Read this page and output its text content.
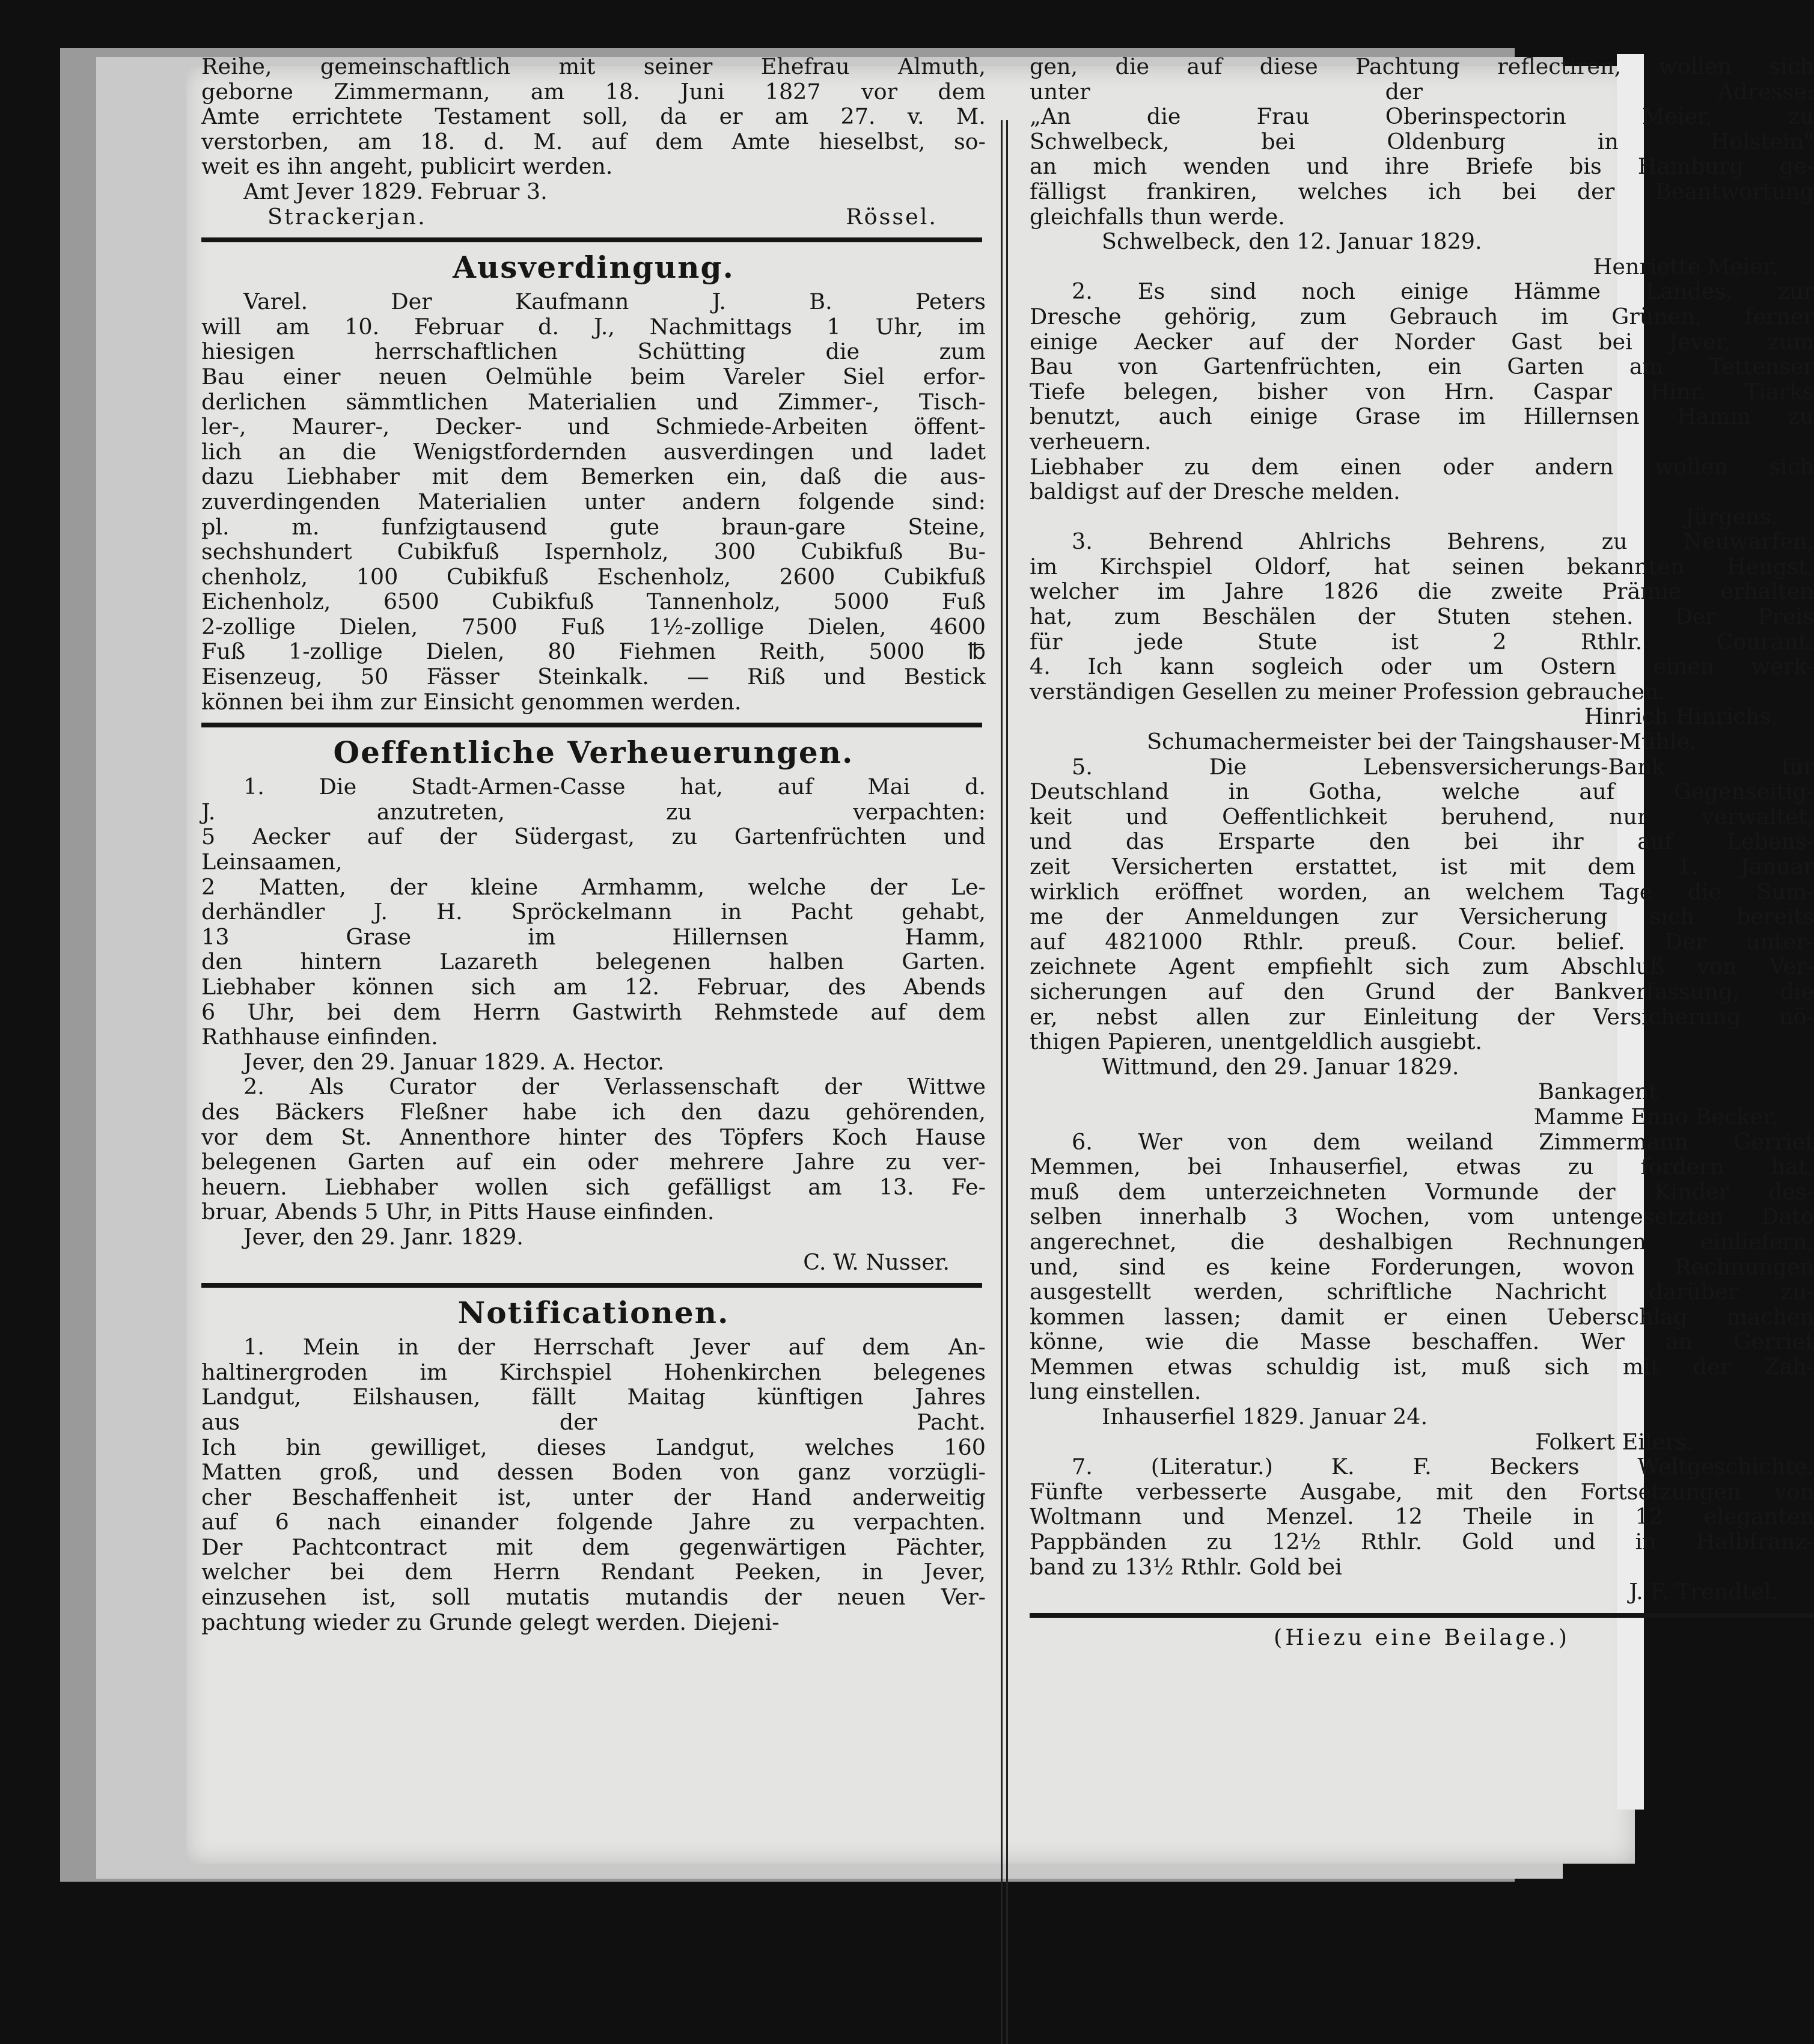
Reihe, gemeinschaftlich mit seiner Ehefrau Almuth,
geborne Zimmermann, am 18. Juni 1827 vor dem
Amte errichtete Testament soll, da er am 27. v. M.
verstorben, am 18. d. M. auf dem Amte hieselbst, so-
weit es ihn angeht, publicirt werden.
Amt Jever 1829. Februar 3.
Strackerjan.	Rössel.
Ausverdingung.
Varel.	Der	Kaufmann	J.	B.	Peters
will am 10. Februar d. J., Nachmittags 1 Uhr, im
hiesigen	herrschaftlichen	Schütting	die	zum
Bau einer neuen Oelmühle beim Vareler Siel erfor-
derlichen sämmtlichen Materialien und Zimmer-, Tisch-
ler-, Maurer-, Decker- und Schmiede-Arbeiten öffent-
lich an die Wenigstfordernden ausverdingen und ladet
dazu Liebhaber mit dem Bemerken ein, daß die aus-
zuverdingenden Materialien unter andern folgende sind:
pl.	m.	funfzigtausend	gute	braun-gare	Steine,
sechshundert Cubikfuß Ispernholz, 300 Cubikfuß Bu-
chenholz, 100 Cubikfuß Eschenholz, 2600 Cubikfuß
Eichenholz, 6500 Cubikfuß Tannenholz, 5000 Fuß
2-zollige Dielen, 7500 Fuß 1½-zollige Dielen, 4600
Fuß 1-zollige Dielen, 80 Fiehmen Reith, 5000 ℔
Eisenzeug, 50 Fässer Steinkalk. — Riß und Bestick
können bei ihm zur Einsicht genommen werden.
Oeffentliche Verheuerungen.
1. Die Stadt-Armen-Casse hat, auf Mai d.
J.	anzutreten,	zu	verpachten:
5 Aecker auf der Südergast, zu Gartenfrüchten und
Leinsaamen,
2 Matten, der kleine Armhamm, welche der Le-
derhändler J. H. Spröckelmann in Pacht gehabt,
13	Grase	im	Hillernsen	Hamm,
den	hintern	Lazareth	belegenen	halben	Garten.
Liebhaber können sich am 12. Februar, des Abends
6 Uhr, bei dem Herrn Gastwirth Rehmstede auf dem
Rathhause einfinden.
Jever, den 29. Januar 1829. A. Hector.
2. Als Curator der Verlassenschaft der Wittwe
des Bäckers Fleßner habe ich den dazu gehörenden,
vor dem St. Annenthore hinter des Töpfers Koch Hause
belegenen Garten auf ein oder mehrere Jahre zu ver-
heuern. Liebhaber wollen sich gefälligst am 13. Fe-
bruar, Abends 5 Uhr, in Pitts Hause einfinden.
Jever, den 29. Janr. 1829.
C. W. Nusser.
Notificationen.
1. Mein in der Herrschaft Jever auf dem An-
haltinergroden im Kirchspiel Hohenkirchen belegenes
Landgut, Eilshausen, fällt Maitag künftigen Jahres
aus	der	Pacht.
Ich bin gewilliget, dieses Landgut, welches 160
Matten groß, und dessen Boden von ganz vorzügli-
cher Beschaffenheit ist, unter der Hand anderweitig
auf 6 nach einander folgende Jahre zu verpachten.
Der Pachtcontract mit dem gegenwärtigen Pächter,
welcher bei dem Herrn Rendant Peeken, in Jever,
einzusehen ist, soll mutatis mutandis der neuen Ver-
pachtung wieder zu Grunde gelegt werden. Diejeni-
gen, die auf diese Pachtung reflectiren, wollen sich
unter	der	Adresse:
„An	die	Frau	Oberinspectorin	Meier,	zu
Schwelbeck,	bei	Oldenburg	in	Holstein"
an mich wenden und ihre Briefe bis Hamburg ge-
fälligst frankiren, welches ich bei der Beantwortung
gleichfalls thun werde.
Schwelbeck, den 12. Januar 1829.
Henriette Meier.
2. Es sind noch einige Hämme Landes, zur
Dresche gehörig, zum Gebrauch im Grünen, ferner
einige Aecker auf der Norder Gast bei Jever, zum
Bau von Gartenfrüchten, ein Garten am Tettenser
Tiefe belegen, bisher von Hrn. Caspar Hinr. Tiarks
benutzt, auch einige Grase im Hillernsen Hamm zu
verheuern.
Liebhaber zu dem einen oder andern wollen sich
baldigst auf der Dresche melden.
Jürgens.
3.	Behrend	Ahlrichs	Behrens,	zu	Neuwarfen,
im Kirchspiel Oldorf, hat seinen bekannten Hengst,
welcher im Jahre 1826 die zweite Prämie erhalten
hat, zum Beschälen der Stuten stehen. Der Preis
für	jede	Stute	ist	2	Rthlr.	Courant.
4. Ich kann sogleich oder um Ostern einen werk-
verständigen Gesellen zu meiner Profession gebrauchen.
Hinrich Hinrichs,
Schumachermeister bei der Taingshauser-Mühle.
5.	Die	Lebensversicherungs-Bank	für
Deutschland	in	Gotha,	welche	auf	Gegenseitig-
keit und Oeffentlichkeit beruhend, nur verwaltet,
und das Ersparte den bei ihr auf Lebens-
zeit Versicherten erstattet, ist mit dem 1. Januar
wirklich eröffnet worden, an welchem Tage die Sum-
me der Anmeldungen zur Versicherung sich bereits
auf 4821000 Rthlr. preuß. Cour. belief. Der unter-
zeichnete Agent empfiehlt sich zum Abschluß von Ver-
sicherungen auf den Grund der Bankverfassung, die
er, nebst allen zur Einleitung der Versicherung nö-
thigen Papieren, unentgeldlich ausgiebt.
Wittmund, den 29. Januar 1829.
Bankagent
Mamme Enno Becker.
6. Wer von dem weiland Zimmermann Gerriet
Memmen, bei Inhauserfiel, etwas zu fordern hat,
muß dem unterzeichneten Vormunde der Kinder des-
selben innerhalb 3 Wochen, vom untengesetzten Dato
angerechnet, die deshalbigen Rechnungen einliefern,
und, sind es keine Forderungen, wovon Rechnungen
ausgestellt werden, schriftliche Nachricht darüber zu-
kommen lassen; damit er einen Ueberschlag machen
könne, wie die Masse beschaffen. Wer an Gerriet
Memmen etwas schuldig ist, muß sich mit der Zah-
lung einstellen.
Inhauserfiel 1829. Januar 24.
Folkert Eilers.
7.	(Literatur.)	K.	F.	Beckers	Weltgeschichte.
Fünfte verbesserte Ausgabe, mit den Fortsetzungen von
Woltmann und Menzel. 12 Theile in 12 eleganten
Pappbänden zu 12½ Rthlr. Gold und in Halbfranz-
band zu 13½ Rthlr. Gold bei
J. F. Trendtel.
(Hiezu eine Beilage.)
